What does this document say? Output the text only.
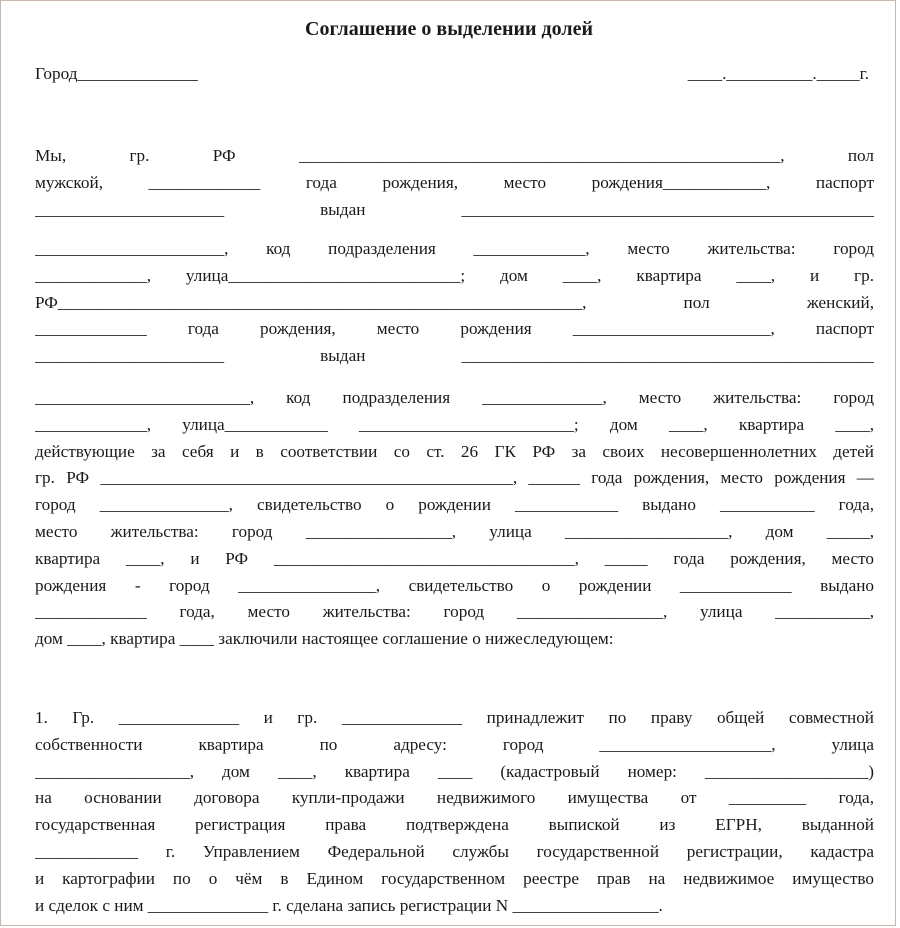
Соглашение о выделении долей
Город______________	____.__________._____г.

Мы, гр. РФ ________________________________________________________, пол
мужской, _____________ года рождения, место рождения____________, паспорт
______________________ выдан ________________________________________________

______________________, код подразделения _____________, место жительства: город
_____________, улица___________________________; дом ____, квартира ____, и гр.
РФ_____________________________________________________________, пол женский,
_____________ года рождения, место рождения _______________________, паспорт
______________________ выдан ________________________________________________

_________________________, код подразделения ______________, место жительства: город
_____________, улица____________ _________________________; дом ____, квартира ____,
действующие за себя и в соответствии со ст. 26 ГК РФ за своих несовершеннолетних детей
гр. РФ ________________________________________________, ______ года рождения, место рождения —
город _______________, свидетельство о рождении ____________ выдано ___________ года,
место жительства: город _________________, улица ___________________, дом _____,
квартира ____, и РФ ___________________________________, _____ года рождения, место
рождения - город ________________, свидетельство о рождении _____________ выдано
_____________ года, место жительства: город _________________, улица ___________,
дом ____, квартира ____ заключили настоящее соглашение о нижеследующем:

1. Гр. ______________ и гр. ______________ принадлежит по праву общей совместной
собственности квартира по адресу: город ____________________, улица
__________________, дом ____, квартира ____ (кадастровый номер: ___________________)
на основании договора купли-продажи недвижимого имущества от _________ года,
государственная регистрация права подтверждена выпиской из ЕГРН, выданной
____________ г. Управлением Федеральной службы государственной регистрации, кадастра
и картографии по о чём в Едином государственном реестре прав на недвижимое имущество
и сделок с ним ______________ г. сделана запись регистрации N _________________.
